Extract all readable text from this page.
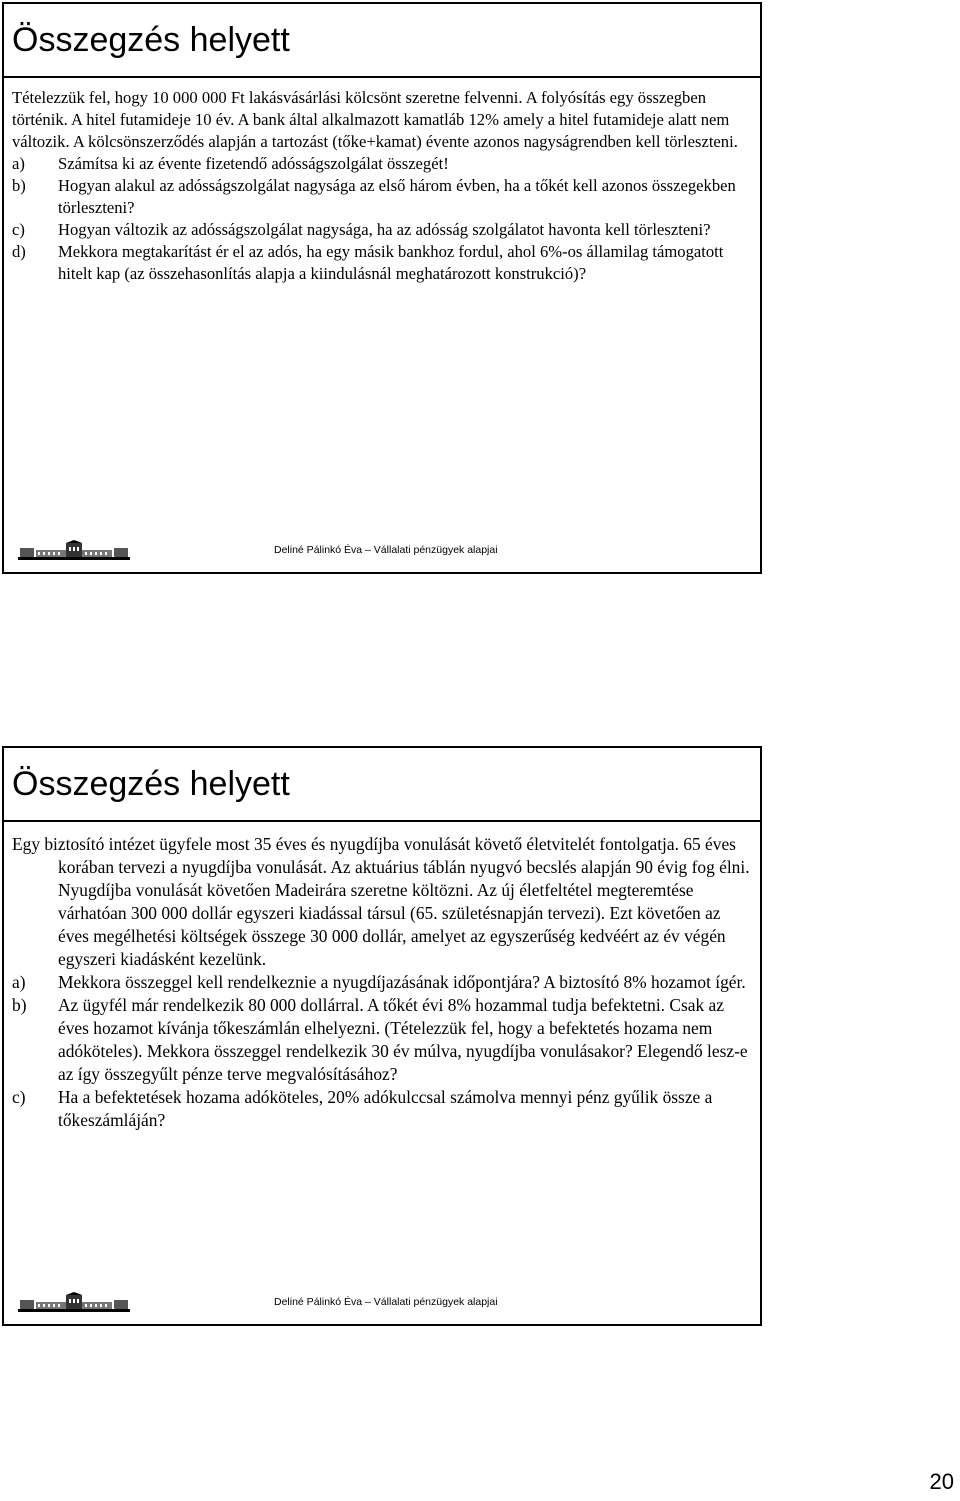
Összegzés helyett

Tételezzük fel, hogy 10 000 000 Ft lakásvásárlási kölcsönt szeretne felvenni. A folyósítás egy összegben történik. A hitel futamideje 10 év. A bank által alkalmazott kamatláb 12% amely a hitel futamideje alatt nem változik. A kölcsönszerződés alapján a tartozást (tőke+kamat) évente azonos nagyságrendben kell törleszteni.

a)	Számítsa ki az évente fizetendő adósságszolgálat összegét!
b)	Hogyan alakul az adósságszolgálat nagysága az első három évben, ha a tőkét kell azonos összegekben törleszteni?
c)	Hogyan változik az adósságszolgálat nagysága, ha az adósság szolgálatot havonta kell törleszteni?
d)	Mekkora megtakarítást ér el az adós, ha egy másik bankhoz fordul, ahol 6%-os államilag támogatott hitelt kap (az összehasonlítás alapja a kiindulásnál meghatározott konstrukció)?
Deliné Pálinkó Éva – Vállalati pénzügyek alapjai
Összegzés helyett

Egy biztosító intézet ügyfele most 35 éves és nyugdíjba vonulását követő életvitelét fontolgatja. 65 éves korában tervezi a nyugdíjba vonulását. Az aktuárius táblán nyugvó becslés alapján 90 évig fog élni. Nyugdíjba vonulását követően Madeirára szeretne költözni. Az új életfeltétel megteremtése várhatóan 300 000 dollár egyszeri kiadással társul (65. születésnapján tervezi). Ezt követően az éves megélhetési költségek összege 30 000 dollár, amelyet az egyszerűség kedvéért az év végén egyszeri kiadásként kezelünk.

a)	Mekkora összeggel kell rendelkeznie a nyugdíjazásának időpontjára? A biztosító 8% hozamot ígér.
b)	Az ügyfél már rendelkezik 80 000 dollárral. A tőkét évi 8% hozammal tudja befektetni. Csak az éves hozamot kívánja tőkeszámlán elhelyezni. (Tételezzük fel, hogy a befektetés hozama nem adóköteles). Mekkora összeggel rendelkezik 30 év múlva, nyugdíjba vonulásakor? Elegendő lesz-e az így összegyűlt pénze terve megvalósításához?
c)	Ha a befektetések hozama adóköteles, 20% adókulccsal számolva mennyi pénz gyűlik össze a tőkeszámláján?
Deliné Pálinkó Éva – Vállalati pénzügyek alapjai
20
